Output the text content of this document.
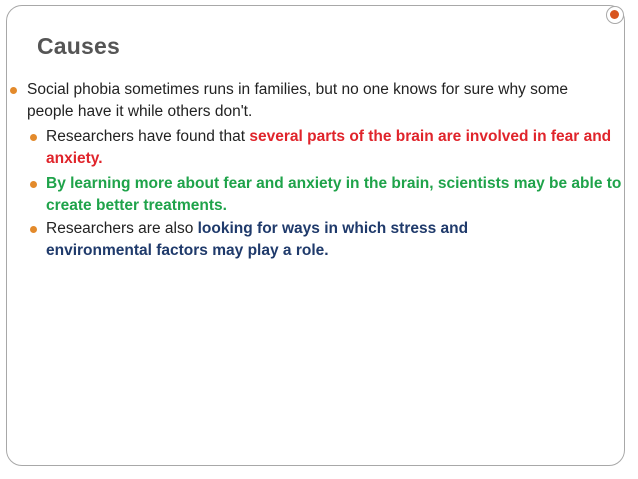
Causes
Social phobia sometimes runs in families, but no one knows for sure why some people have it while others don't.
Researchers have found that several parts of the brain are involved in fear and anxiety.
By learning more about fear and anxiety in the brain, scientists may be able to create better treatments.
Researchers are also looking for ways in which stress and environmental factors may play a role.
